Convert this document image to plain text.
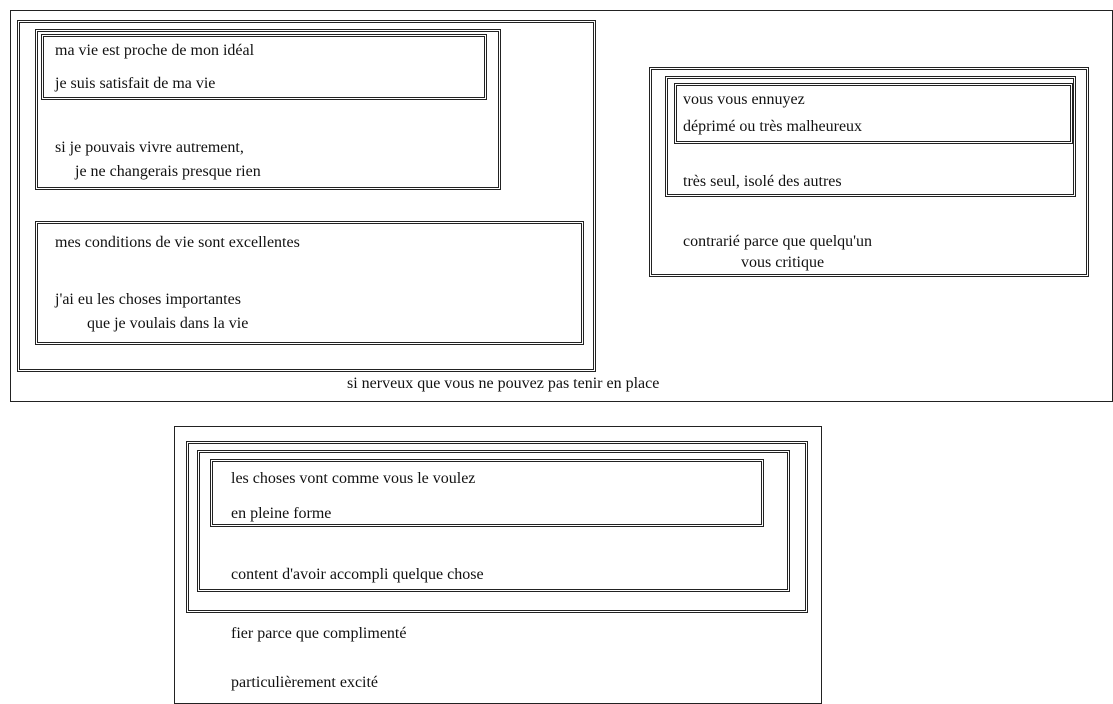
ma vie est proche de mon idéal
je suis satisfait de ma vie
si je pouvais vivre autrement,
je ne changerais presque rien
mes conditions de vie sont excellentes
j'ai eu les choses importantes
que je voulais dans la vie
vous vous ennuyez
déprimé ou très malheureux
très seul, isolé des autres
contrarié parce que quelqu'un
vous critique
si nerveux que vous ne pouvez pas tenir en place
les choses vont comme vous le voulez
en pleine forme
content d'avoir accompli quelque chose
fier parce que complimenté
particulièrement excité
